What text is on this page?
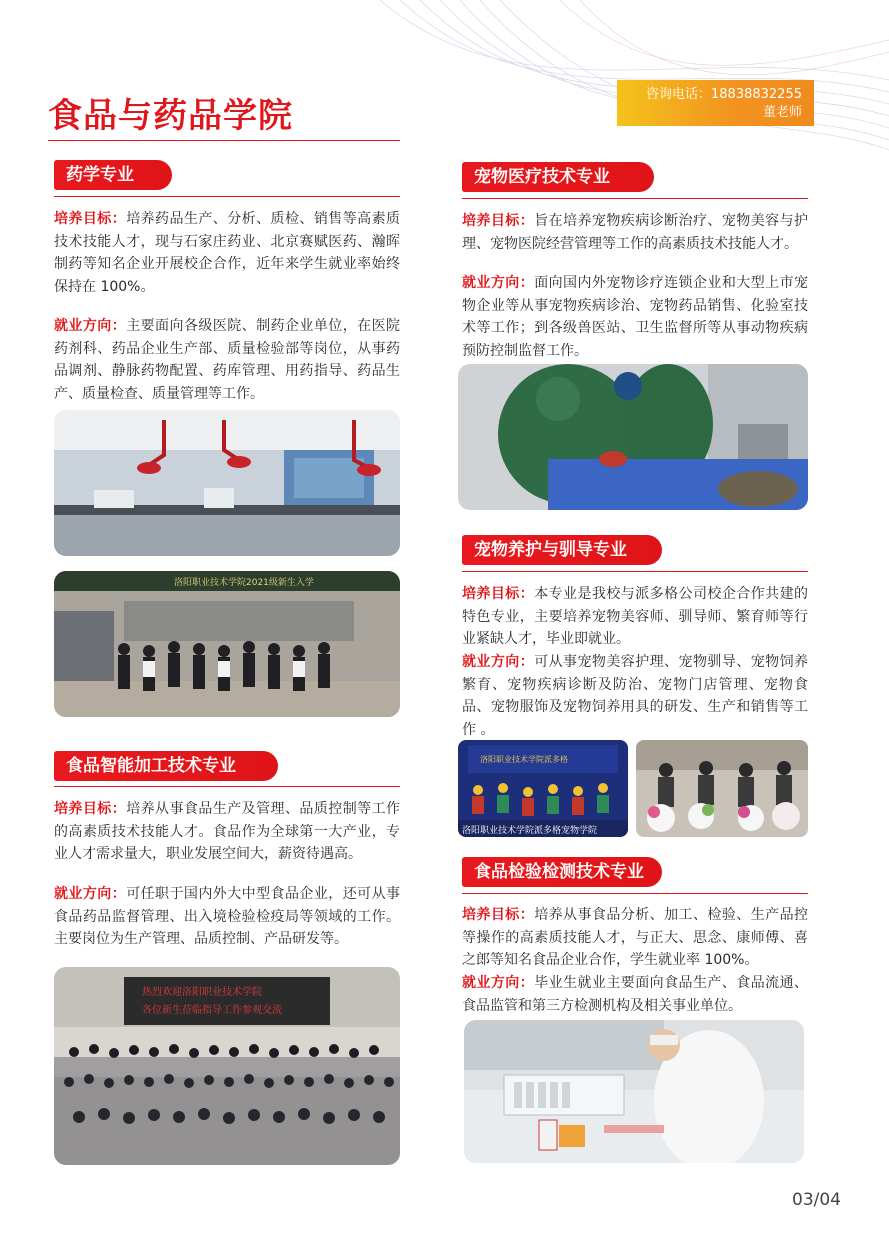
食品与药品学院
咨询电话：18838832255
董老师
药学专业

培养目标：培养药品生产、分析、质检、销售等高素质技术技能人才，现与石家庄药业、北京赛赋医药、瀚晖制药等知名企业开展校企合作，近年来学生就业率始终保持在 100%。

就业方向：主要面向各级医院、制药企业单位，在医院药剂科、药品企业生产部、质量检验部等岗位，从事药品调剂、静脉药物配置、药库管理、用药指导、药品生产、质量检查、质量管理等工作。

洛阳职业技术学院2021级新生入学
食品智能加工技术专业

培养目标：培养从事食品生产及管理、品质控制等工作的高素质技术技能人才。食品作为全球第一大产业，专业人才需求量大，职业发展空间大，薪资待遇高。

就业方向：可任职于国内外大中型食品企业，还可从事食品药品监督管理、出入境检验检疫局等领域的工作。主要岗位为生产管理、品质控制、产品研发等。

热烈欢迎洛阳职业技术学院
各位新生莅临指导工作参观交流
宠物医疗技术专业

培养目标：旨在培养宠物疾病诊断治疗、宠物美容与护理、宠物医院经营管理等工作的高素质技术技能人才。

就业方向：面向国内外宠物诊疗连锁企业和大型上市宠物企业等从事宠物疾病诊治、宠物药品销售、化验室技术等工作；到各级兽医站、卫生监督所等从事动物疾病预防控制监督工作。

宠物养护与驯导专业

培养目标：本专业是我校与派多格公司校企合作共建的特色专业，主要培养宠物美容师、驯导师、繁育师等行业紧缺人才，毕业即就业。

就业方向：可从事宠物美容护理、宠物驯导、宠物饲养繁育、宠物疾病诊断及防治、宠物门店管理、宠物食品、宠物服饰及宠物饲养用具的研发、生产和销售等工作 。

洛阳职业技术学院派多格
洛阳职业技术学院派多格宠物学院
食品检验检测技术专业

培养目标：培养从事食品分析、加工、检验、生产品控等操作的高素质技能人才，与正大、思念、康师傅、喜之郎等知名食品企业合作，学生就业率 100%。

就业方向：毕业生就业主要面向食品生产、食品流通、食品监管和第三方检测机构及相关事业单位。

03/04
